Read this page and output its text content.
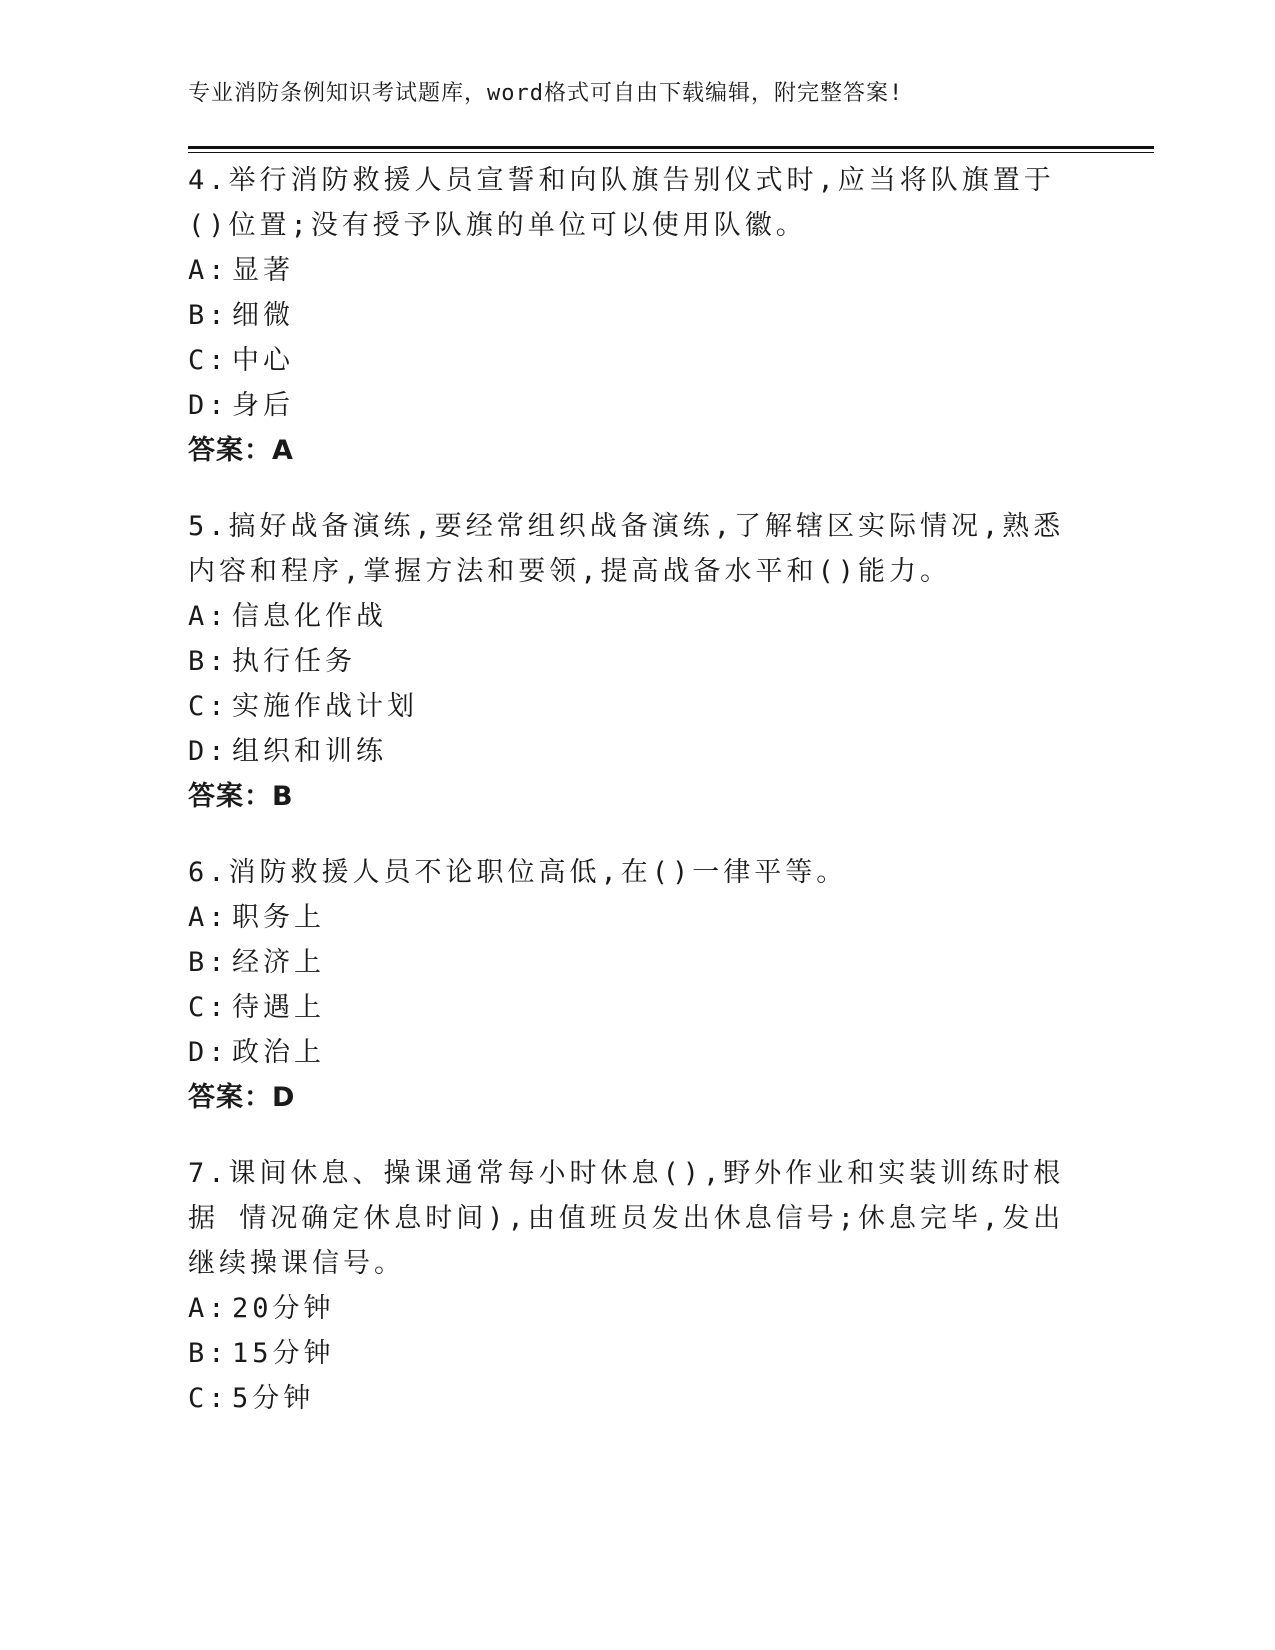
专业消防条例知识考试题库，word格式可自由下载编辑，附完整答案!

4.举行消防救援人员宣誓和向队旗告别仪式时,应当将队旗置于()位置;没有授予队旗的单位可以使用队徽。

A: 显著
B: 细微
C: 中心
D: 身后
答案：A

5.搞好战备演练,要经常组织战备演练,了解辖区实际情况,熟悉内容和程序,掌握方法和要领,提高战备水平和()能力。

A: 信息化作战
B: 执行任务
C: 实施作战计划
D: 组织和训练
答案：B

6.消防救援人员不论职位高低,在()一律平等。

A: 职务上
B: 经济上
C: 待遇上
D: 政治上
答案：D

7.课间休息、操课通常每小时休息(),野外作业和实装训练时根据 情况确定休息时间),由值班员发出休息信号;休息完毕,发出继续操课信号。

A: 20分钟
B: 15分钟
C: 5分钟
